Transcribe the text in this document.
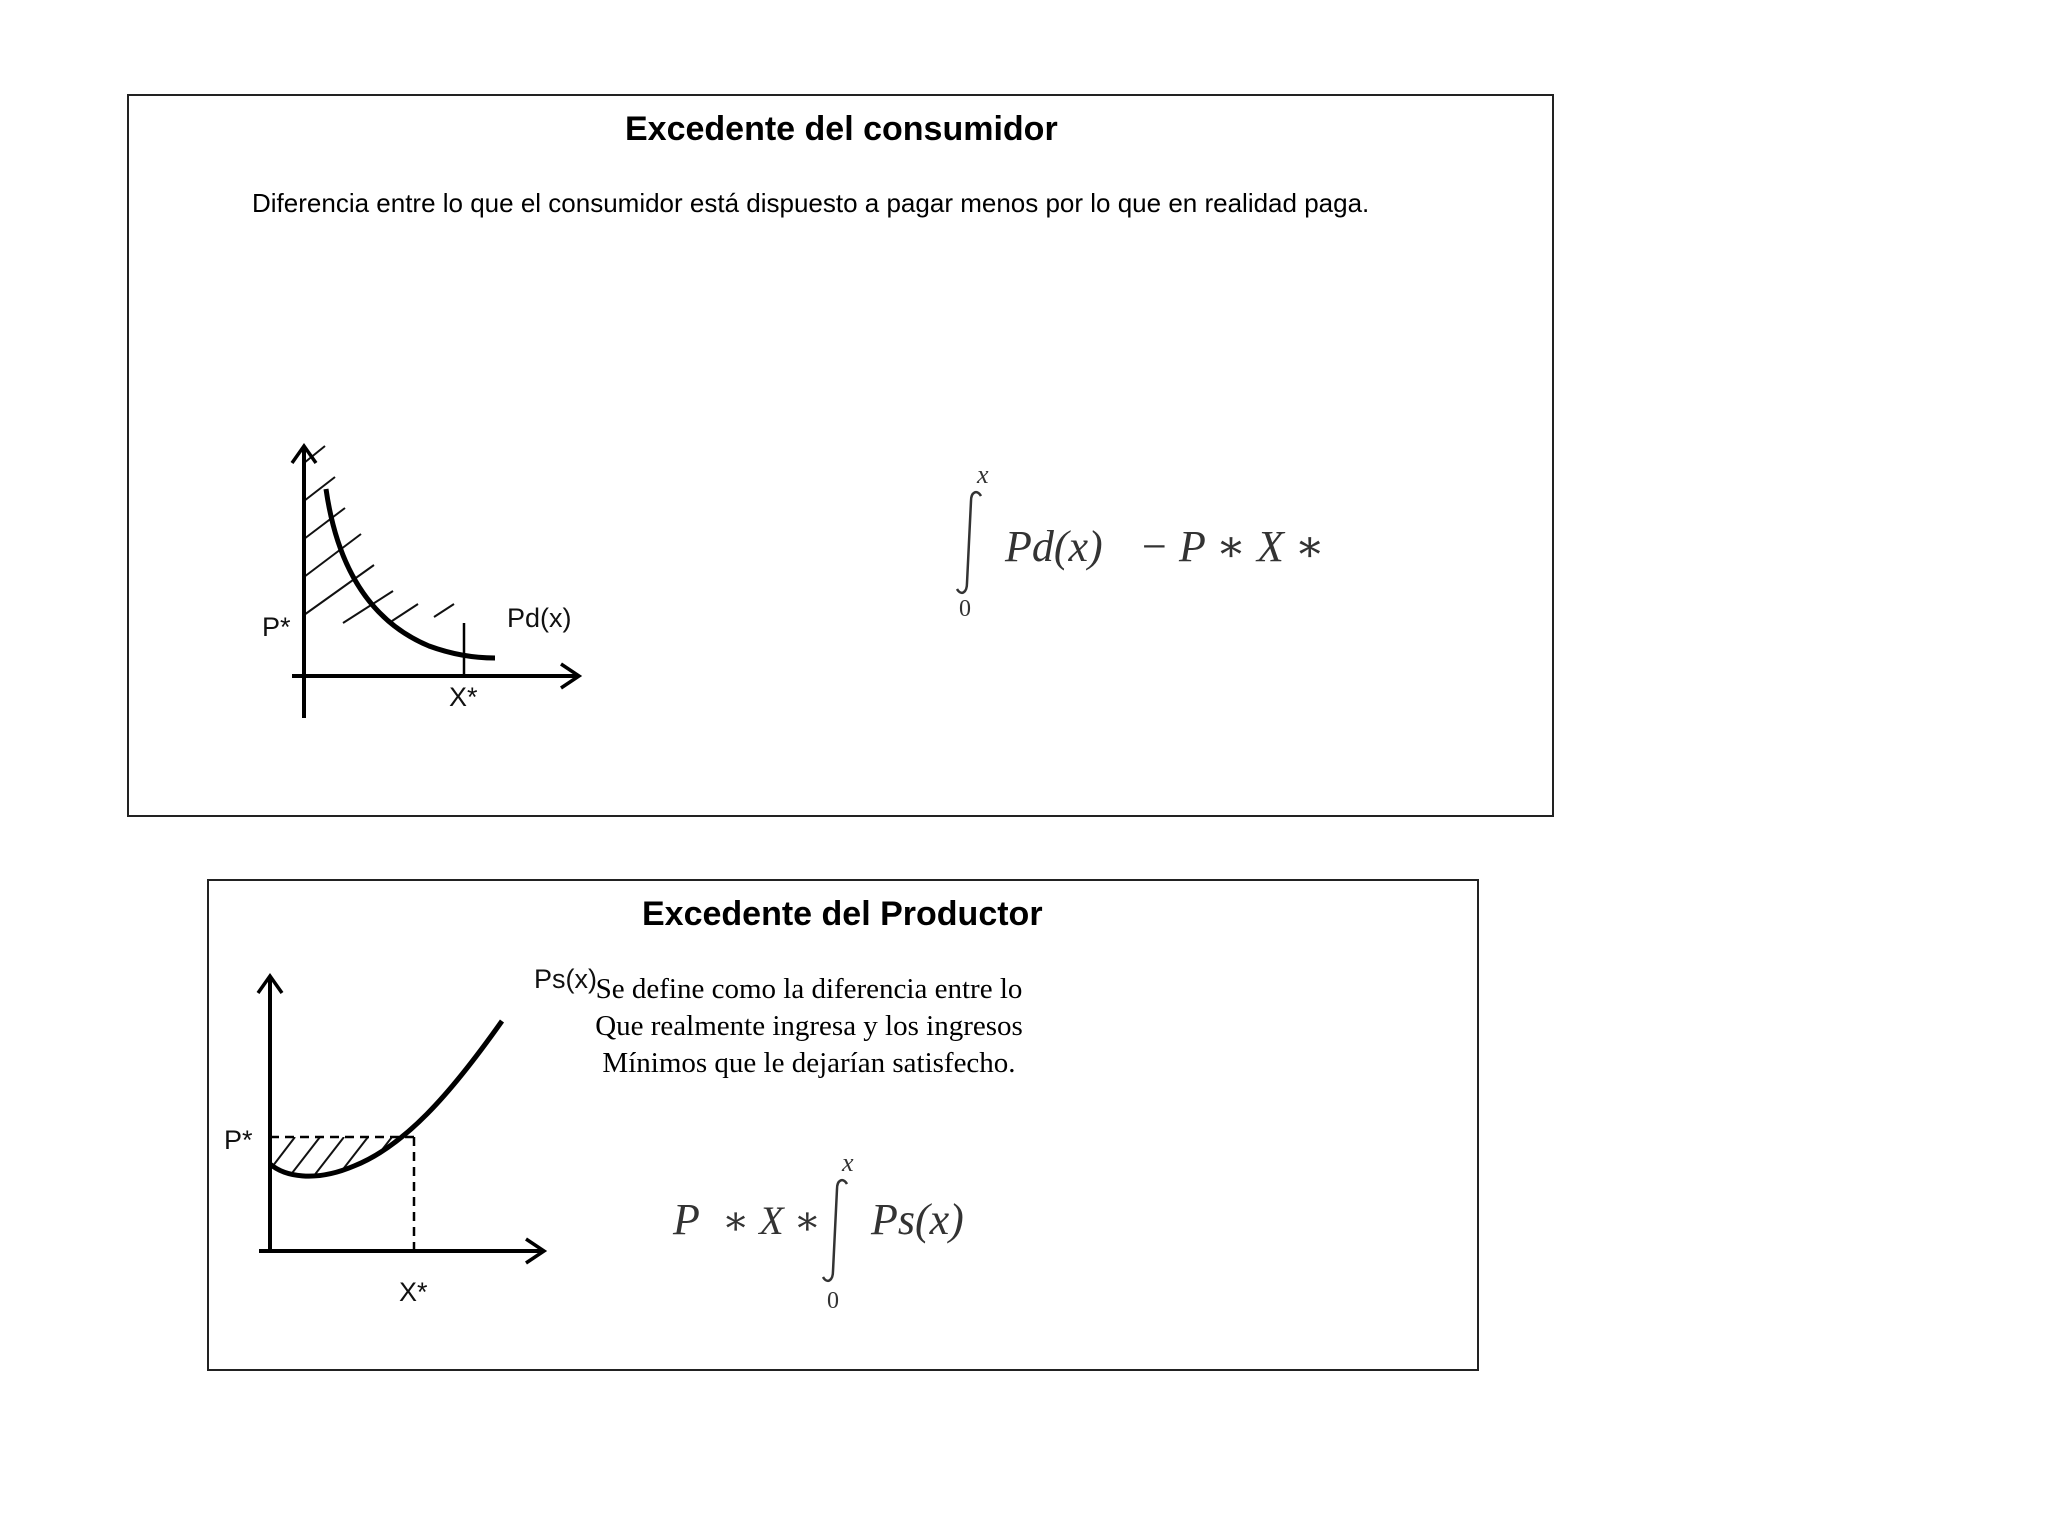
Excedente del consumidor
Diferencia entre lo que el consumidor está dispuesto a pagar menos por lo que en realidad paga.
P*
X*
Pd(x)
x
0
Pd(x) − P ∗ X ∗
Excedente del Productor
Se define como la diferencia entre lo
Que realmente ingresa y los ingresos
Mínimos que le dejarían satisfecho.
P*
X*
Ps(x)
P ∗ X ∗
x
0
Ps(x)
